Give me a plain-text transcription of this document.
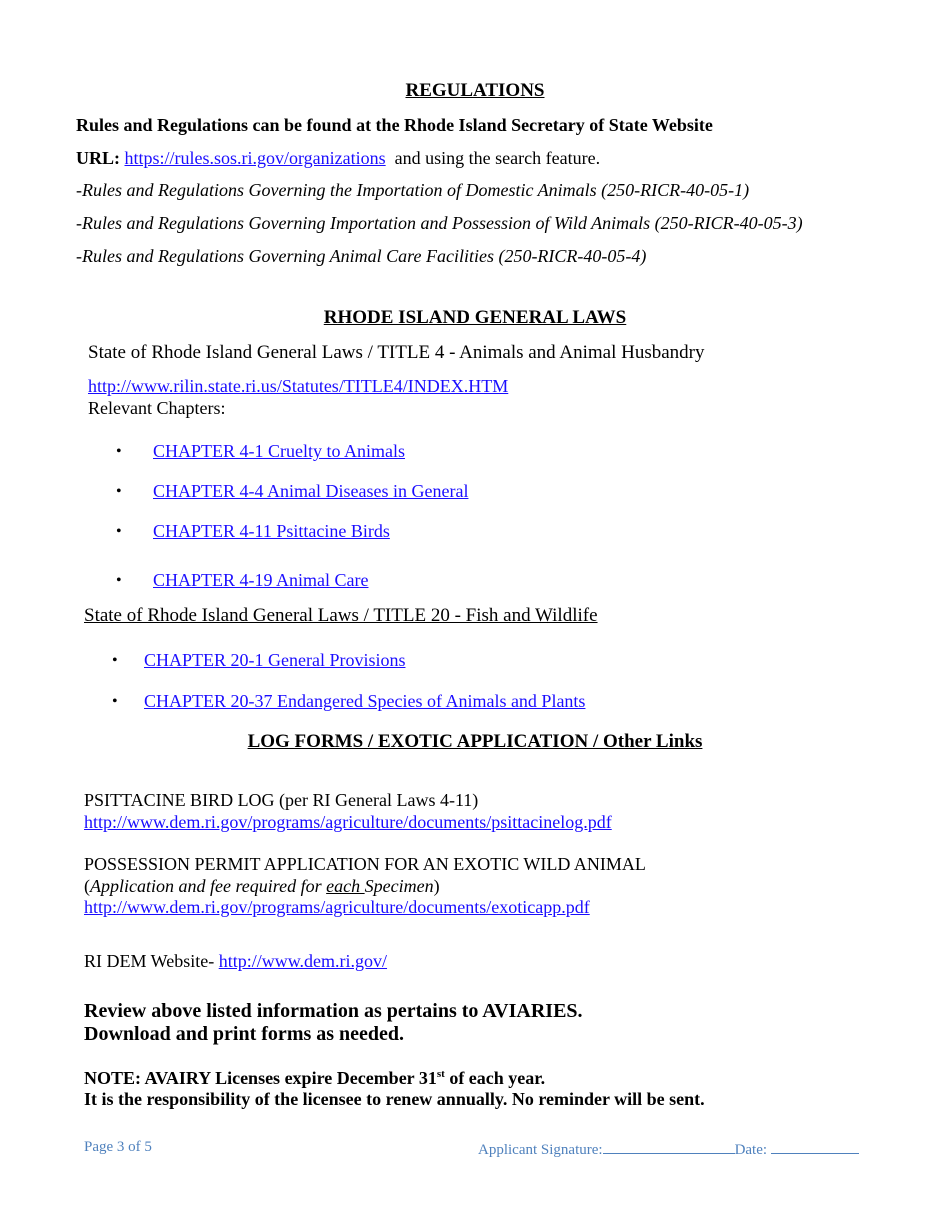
REGULATIONS
Rules and Regulations can be found at the Rhode Island Secretary of State Website
URL: https://rules.sos.ri.gov/organizations and using the search feature.
-Rules and Regulations Governing the Importation of Domestic Animals (250-RICR-40-05-1)
-Rules and Regulations Governing Importation and Possession of Wild Animals (250-RICR-40-05-3)
-Rules and Regulations Governing Animal Care Facilities (250-RICR-40-05-4)
RHODE ISLAND GENERAL LAWS
State of Rhode Island General Laws / TITLE 4 - Animals and Animal Husbandry
http://www.rilin.state.ri.us/Statutes/TITLE4/INDEX.HTM
Relevant Chapters:
• CHAPTER 4-1 Cruelty to Animals
• CHAPTER 4-4 Animal Diseases in General
• CHAPTER 4-11 Psittacine Birds
• CHAPTER 4-19 Animal Care
State of Rhode Island General Laws / TITLE 20 - Fish and Wildlife
• CHAPTER 20-1 General Provisions
• CHAPTER 20-37 Endangered Species of Animals and Plants
LOG FORMS / EXOTIC APPLICATION / Other Links
PSITTACINE BIRD LOG (per RI General Laws 4-11)
http://www.dem.ri.gov/programs/agriculture/documents/psittacinelog.pdf
POSSESSION PERMIT APPLICATION FOR AN EXOTIC WILD ANIMAL
(Application and fee required for each Specimen)
http://www.dem.ri.gov/programs/agriculture/documents/exoticapp.pdf
RI DEM Website- http://www.dem.ri.gov/
Review above listed information as pertains to AVIARIES.
Download and print forms as needed.
NOTE: AVAIRY Licenses expire December 31st of each year.
It is the responsibility of the licensee to renew annually. No reminder will be sent.
Page 3 of 5	Applicant Signature:	Date:
